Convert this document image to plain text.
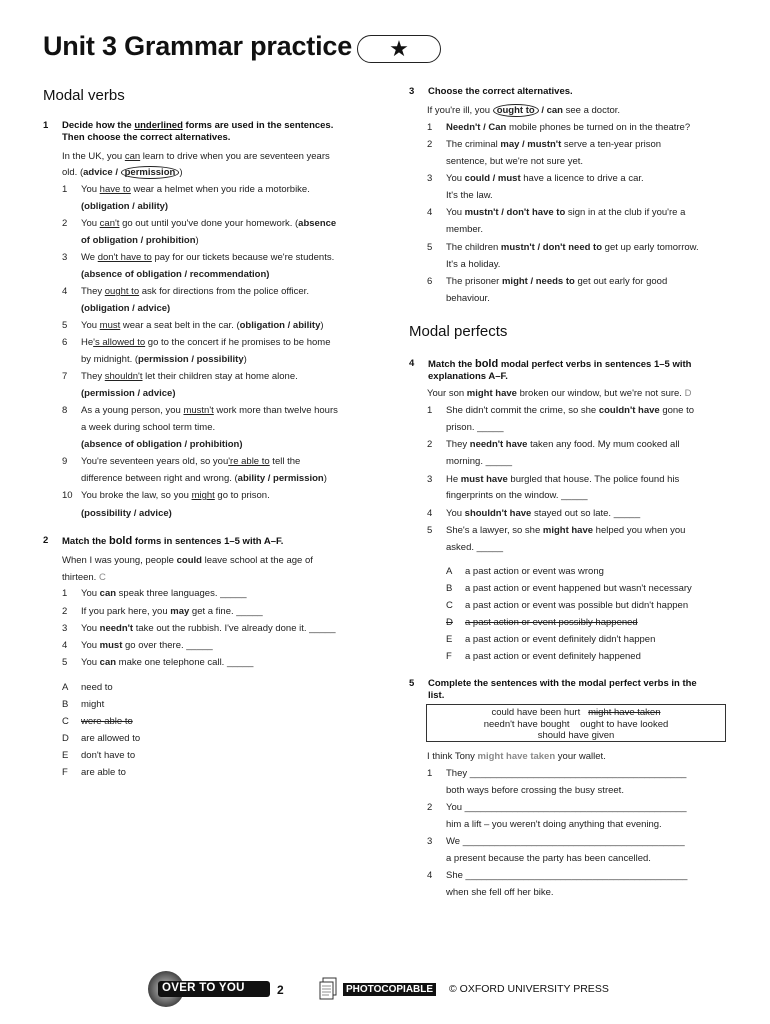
Unit 3 Grammar practice	★
Modal verbs
1 Decide how the underlined forms are used in the sentences.
Then choose the correct alternatives.
In the UK, you can learn to drive when you are seventeen years
old. (advice / permission )
1 You have to wear a helmet when you ride a motorbike.
(obligation / ability)
2 You can't go out until you've done your homework. (absence
of obligation / prohibition)
3 We don't have to pay for our tickets because we're students.
(absence of obligation / recommendation)
4 They ought to ask for directions from the police officer.
(obligation / advice)
5 You must wear a seat belt in the car. (obligation / ability)
6 He's allowed to go to the concert if he promises to be home
by midnight. (permission / possibility)
7 They shouldn't let their children stay at home alone.
(permission / advice)
8 As a young person, you mustn't work more than twelve hours
a week during school term time.
(absence of obligation / prohibition)
9 You're seventeen years old, so you're able to tell the
difference between right and wrong. (ability / permission)
10 You broke the law, so you might go to prison.
(possibility / advice)
2 Match the bold forms in sentences 1–5 with A–F.
When I was young, people could leave school at the age of
thirteen. C
1 You can speak three languages. _____
2 If you park here, you may get a fine. _____
3 You needn't take out the rubbish. I've already done it. _____
4 You must go over there. _____
5 You can make one telephone call. _____
A need to
B might
C were able to
D are allowed to
E don't have to
F are able to
3 Choose the correct alternatives.
If you're ill, you ought to / can see a doctor.
1 Needn't / Can mobile phones be turned on in the theatre?
2 The criminal may / mustn't serve a ten-year prison
sentence, but we're not sure yet.
3 You could / must have a licence to drive a car.
It's the law.
4 You mustn't / don't have to sign in at the club if you're a
member.
5 The children mustn't / don't need to get up early tomorrow.
It's a holiday.
6 The prisoner might / needs to get out early for good
behaviour.
Modal perfects
4 Match the bold modal perfect verbs in sentences 1–5 with
explanations A–F.
Your son might have broken our window, but we're not sure. D
1 She didn't commit the crime, so she couldn't have gone to
prison. _____
2 They needn't have taken any food. My mum cooked all
morning. _____
3 He must have burgled that house. The police found his
fingerprints on the window. _____
4 You shouldn't have stayed out so late. _____
5 She's a lawyer, so she might have helped you when you
asked. _____
A a past action or event was wrong
B a past action or event happened but wasn't necessary
C a past action or event was possible but didn't happen
D a past action or event possibly happened
E a past action or event definitely didn't happen
F a past action or event definitely happened
5 Complete the sentences with the modal perfect verbs in the
list.
could have been hurt might have taken
needn't have bought    ought to have looked
should have given
I think Tony might have taken your wallet.
1 They _________________________________________
both ways before crossing the busy street.
2 You __________________________________________
him a lift – you weren't doing anything that evening.
3 We __________________________________________
a present because the party has been cancelled.
4 She __________________________________________
when she fell off her bike.
OVER TO YOU	2	PHOTOCOPIABLE © OXFORD UNIVERSITY PRESS
